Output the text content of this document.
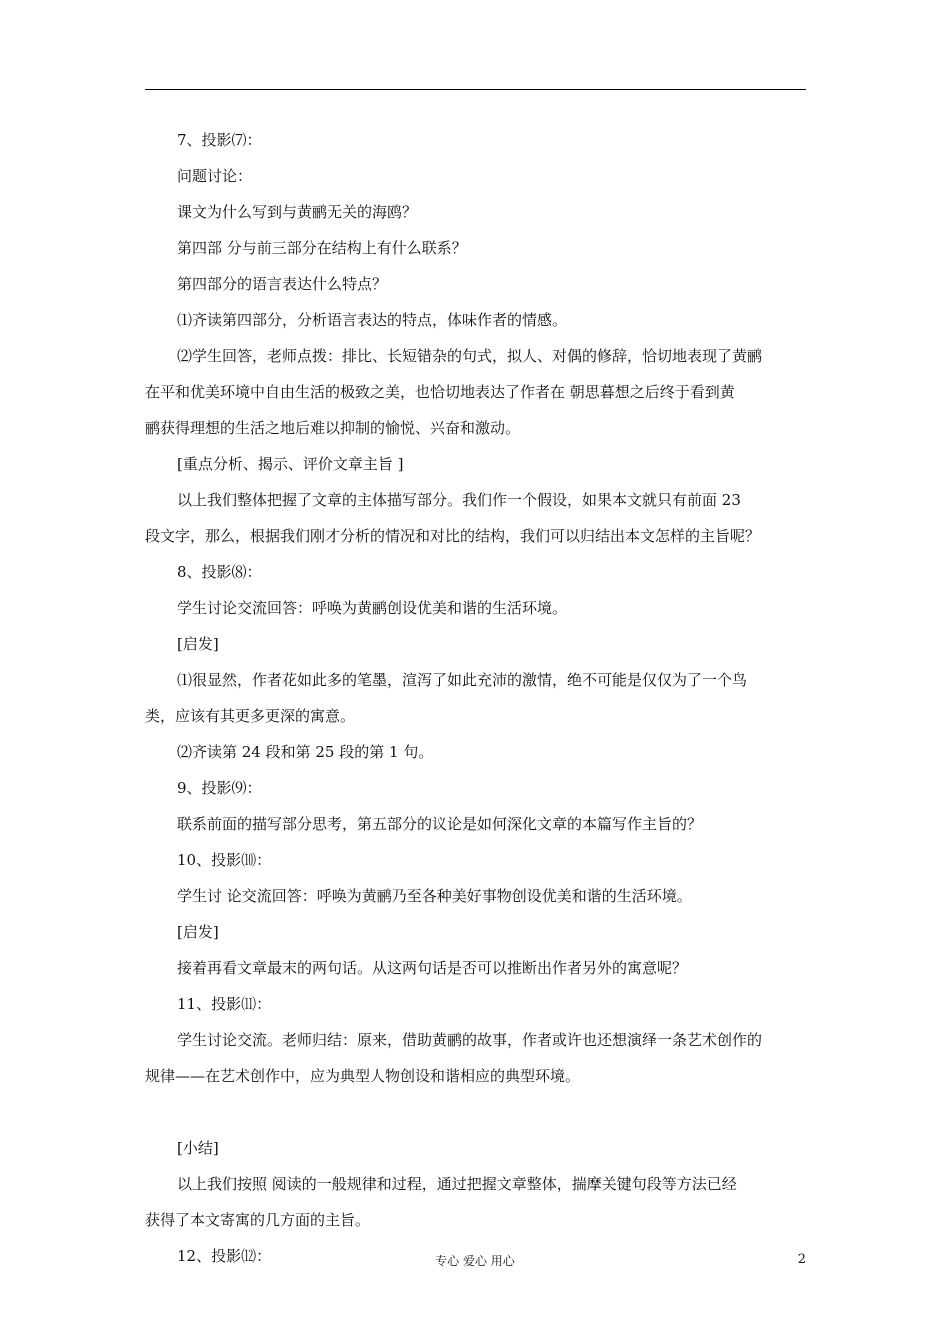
7、投影⑺：
问题讨论：
课文为什么写到与黄鹂无关的海鸥？
第四部 分与前三部分在结构上有什么联系？
第四部分的语言表达什么特点？
⑴齐读第四部分，分析语言表达的特点，体味作者的情感。
⑵学生回答，老师点拨：排比、长短错杂的句式，拟人、对偶的修辞，恰切地表现了黄鹂
在平和优美环境中自由生活的极致之美，也恰切地表达了作者在 朝思暮想之后终于看到黄
鹂获得理想的生活之地后难以抑制的愉悦、兴奋和激动。
[重点分析、揭示、评价文章主旨 ]
以上我们整体把握了文章的主体描写部分。我们作一个假设，如果本文就只有前面 23
段文字，那么，根据我们刚才分析的情况和对比的结构，我们可以归结出本文怎样的主旨呢？
8、投影⑻：
学生讨论交流回答：呼唤为黄鹂创设优美和谐的生活环境。
[启发]
⑴很显然，作者花如此多的笔墨，渲泻了如此充沛的激情，绝不可能是仅仅为了一个鸟
类，应该有其更多更深的寓意。
⑵齐读第 24 段和第 25 段的第 1 句。
9、投影⑼：
联系前面的描写部分思考，第五部分的议论是如何深化文章的本篇写作主旨的？
10、投影⑽：
学生讨 论交流回答：呼唤为黄鹂乃至各种美好事物创设优美和谐的生活环境。
[启发]
接着再看文章最末的两句话。从这两句话是否可以推断出作者另外的寓意呢？
11、投影⑾：
学生讨论交流。老师归结：原来，借助黄鹂的故事，作者或许也还想演绎一条艺术创作的
规律——在艺术创作中，应为典型人物创设和谐相应的典型环境。
[小结]
以上我们按照 阅读的一般规律和过程，通过把握文章整体，揣摩关键句段等方法已经
获得了本文寄寓的几方面的主旨。
12、投影⑿：	专心 爱心 用心	2
